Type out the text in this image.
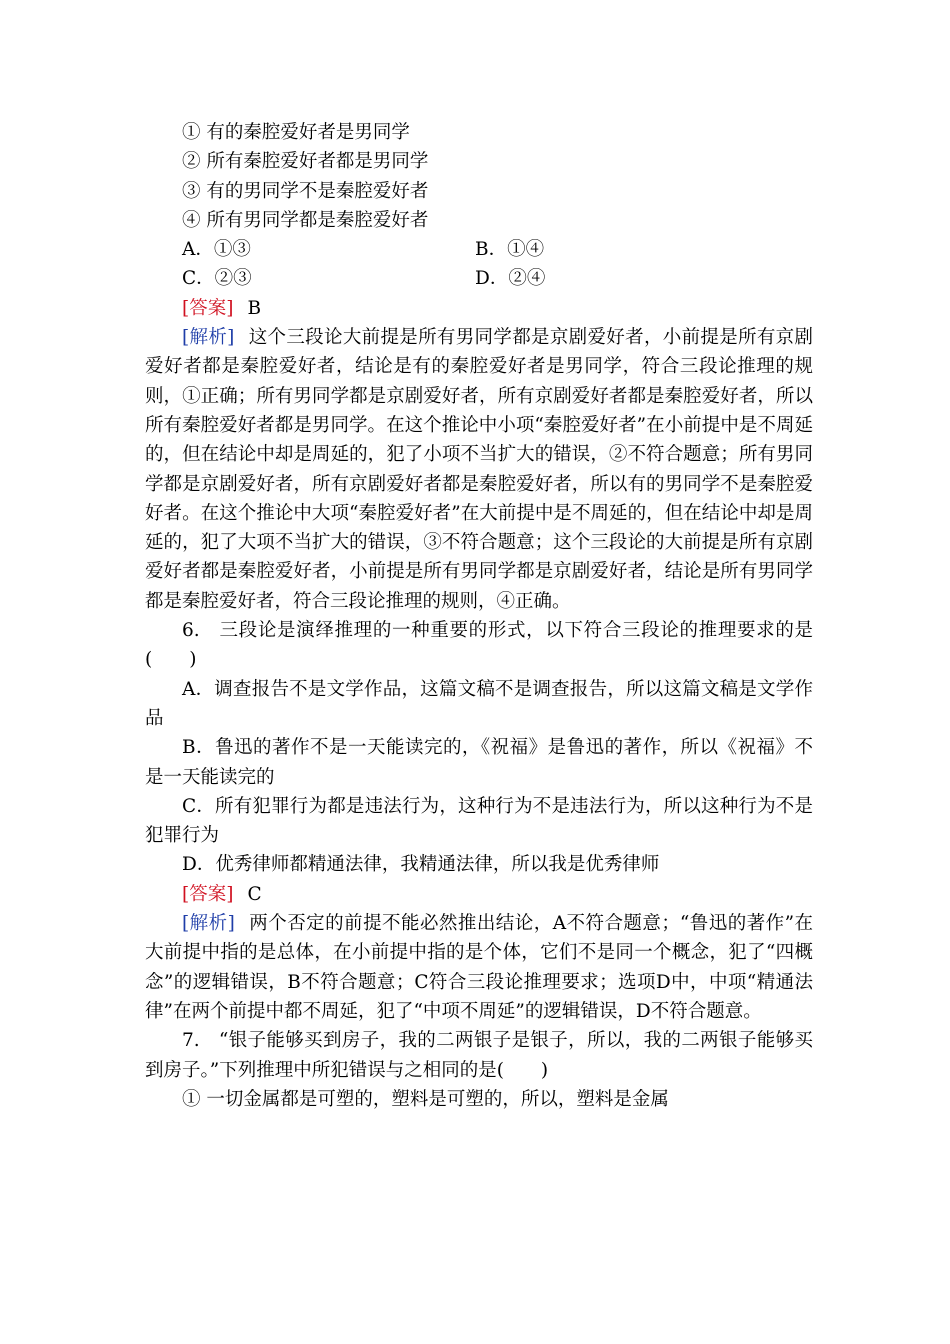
① 有的秦腔爱好者是男同学
② 所有秦腔爱好者都是男同学
③ 有的男同学不是秦腔爱好者
④ 所有男同学都是秦腔爱好者
A．①③	B．①④
C．②③	D．②④
[答案] B
[解析] 这个三段论大前提是所有男同学都是京剧爱好者，小前提是所有京剧爱好者都是秦腔爱好者，结论是有的秦腔爱好者是男同学，符合三段论推理的规则，①正确；所有男同学都是京剧爱好者，所有京剧爱好者都是秦腔爱好者，所以所有秦腔爱好者都是男同学。在这个推论中小项“秦腔爱好者”在小前提中是不周延的，但在结论中却是周延的，犯了小项不当扩大的错误，②不符合题意；所有男同学都是京剧爱好者，所有京剧爱好者都是秦腔爱好者，所以有的男同学不是秦腔爱好者。在这个推论中大项“秦腔爱好者”在大前提中是不周延的，但在结论中却是周延的，犯了大项不当扩大的错误，③不符合题意；这个三段论的大前提是所有京剧爱好者都是秦腔爱好者，小前提是所有男同学都是京剧爱好者，结论是所有男同学都是秦腔爱好者，符合三段论推理的规则，④正确。
6.　三段论是演绎推理的一种重要的形式，以下符合三段论的推理要求的是(　　)
A．调查报告不是文学作品，这篇文稿不是调查报告，所以这篇文稿是文学作品
B．鲁迅的著作不是一天能读完的，《祝福》是鲁迅的著作，所以《祝福》不是一天能读完的
C．所有犯罪行为都是违法行为，这种行为不是违法行为，所以这种行为不是犯罪行为
D．优秀律师都精通法律，我精通法律，所以我是优秀律师
[答案] C
[解析] 两个否定的前提不能必然推出结论，A不符合题意；“鲁迅的著作”在大前提中指的是总体，在小前提中指的是个体，它们不是同一个概念，犯了“四概念”的逻辑错误，B不符合题意；C符合三段论推理要求；选项D中，中项“精通法律”在两个前提中都不周延，犯了“中项不周延”的逻辑错误，D不符合题意。
7.　“银子能够买到房子，我的二两银子是银子，所以，我的二两银子能够买到房子。”下列推理中所犯错误与之相同的是(　　)
① 一切金属都是可塑的，塑料是可塑的，所以，塑料是金属
